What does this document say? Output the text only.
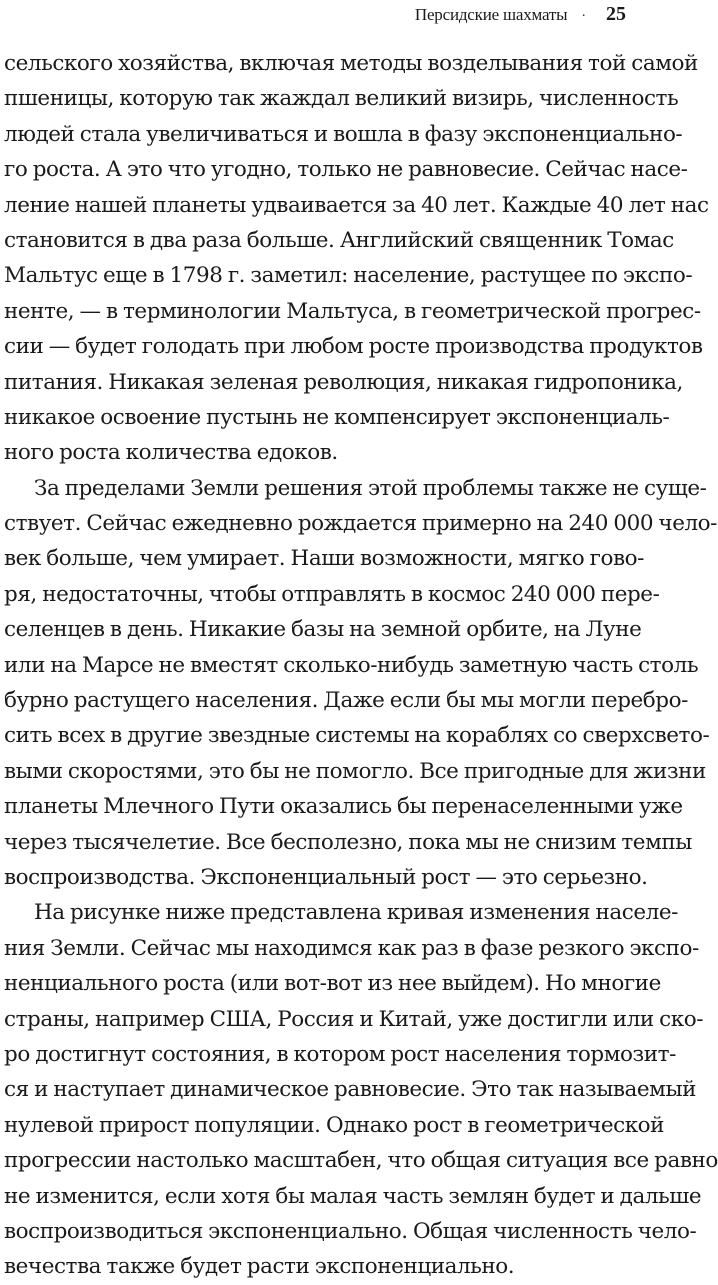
Персидские шахматы · 25
сельского хозяйства, включая методы возделывания той самой
пшеницы, которую так жаждал великий визирь, численность
людей стала увеличиваться и вошла в фазу экспоненциально-
го роста. А это что угодно, только не равновесие. Сейчас насе-
ление нашей планеты удваивается за 40 лет. Каждые 40 лет нас
становится в два раза больше. Английский священник Томас
Мальтус еще в 1798 г. заметил: население, растущее по экспо-
ненте, — в терминологии Мальтуса, в геометрической прогрес-
сии — будет голодать при любом росте производства продуктов
питания. Никакая зеленая революция, никакая гидропоника,
никакое освоение пустынь не компенсирует экспоненциаль-
ного роста количества едоков.
За пределами Земли решения этой проблемы также не суще-
ствует. Сейчас ежедневно рождается примерно на 240 000 чело-
век больше, чем умирает. Наши возможности, мягко гово-
ря, недостаточны, чтобы отправлять в космос 240 000 пере-
селенцев в день. Никакие базы на земной орбите, на Луне
или на Марсе не вместят сколько-нибудь заметную часть столь
бурно растущего населения. Даже если бы мы могли перебро-
сить всех в другие звездные системы на кораблях со сверхсвето-
выми скоростями, это бы не помогло. Все пригодные для жизни
планеты Млечного Пути оказались бы перенаселенными уже
через тысячелетие. Все бесполезно, пока мы не снизим темпы
воспроизводства. Экспоненциальный рост — это серьезно.
На рисунке ниже представлена кривая изменения населе-
ния Земли. Сейчас мы находимся как раз в фазе резкого экспо-
ненциального роста (или вот-вот из нее выйдем). Но многие
страны, например США, Россия и Китай, уже достигли или ско-
ро достигнут состояния, в котором рост населения тормозит-
ся и наступает динамическое равновесие. Это так называемый
нулевой прирост популяции. Однако рост в геометрической
прогрессии настолько масштабен, что общая ситуация все равно
не изменится, если хотя бы малая часть землян будет и дальше
воспроизводиться экспоненциально. Общая численность чело-
вечества также будет расти экспоненциально.
